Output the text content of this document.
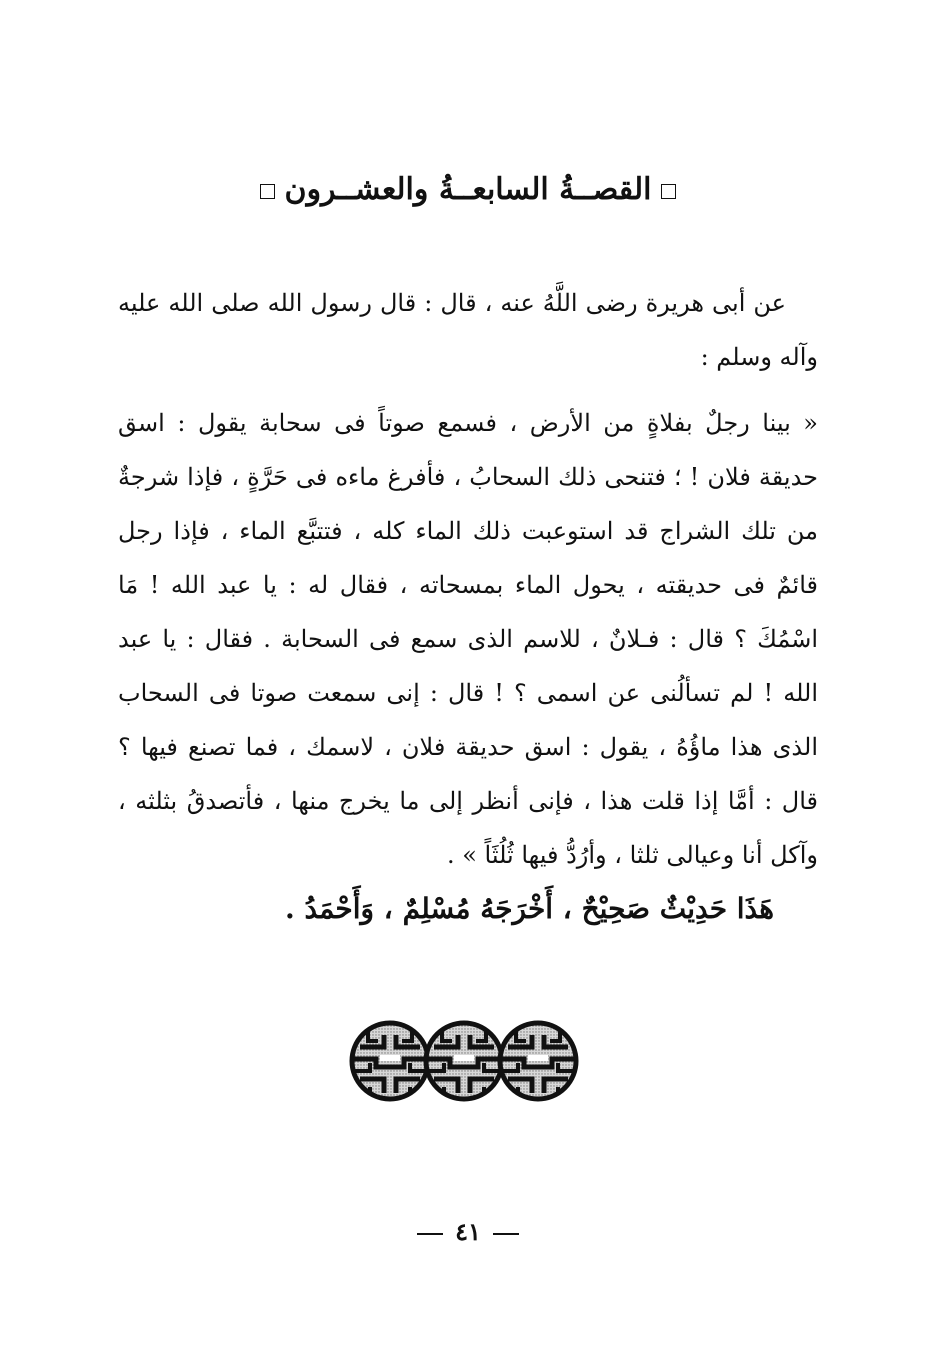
القصــةُ السابعــةُ والعشــرون
عن أبى هريرة رضى اللَّهُ عنه ، قال : قال رسول الله صلى الله عليه وآله وسلم :
« بينا رجلٌ بفلاةٍ من الأرض ، فسمع صوتاً فى سحابة يقول : اسق حديقة فلان ! ؛ فتنحى ذلك السحابُ ، فأفرغ ماءه فى حَرَّةٍ ، فإذا شرجةٌ من تلك الشراج قد استوعبت ذلك الماء كله ، فتتبَّع الماء ، فإذا رجل قائمٌ فى حديقته ، يحول الماء بمسحاته ، فقال له : يا عبد الله ! مَا اسْمُكَ ؟ قال : فـلانٌ ، للاسم الذى سمع فى السحابة . فقال : يا عبد الله ! لم تسألُنى عن اسمى ؟ ! قال : إنى سمعت صوتا فى السحاب الذى هذا ماؤُهُ ، يقول : اسق حديقة فلان ، لاسمك ، فما تصنع فيها ؟ قال : أمَّا إذا قلت هذا ، فإنى أنظر إلى ما يخرج منها ، فأتصدقُ بثلثه ، وآكل أنا وعيالى ثلثا ، وأرُدُّ فيها ثُلُثَاً » .
هَذَا حَدِيْثٌ صَحِيْحٌ ، أَخْرَجَهُ مُسْلِمٌ ، وَأَحْمَدُ .
٤١
